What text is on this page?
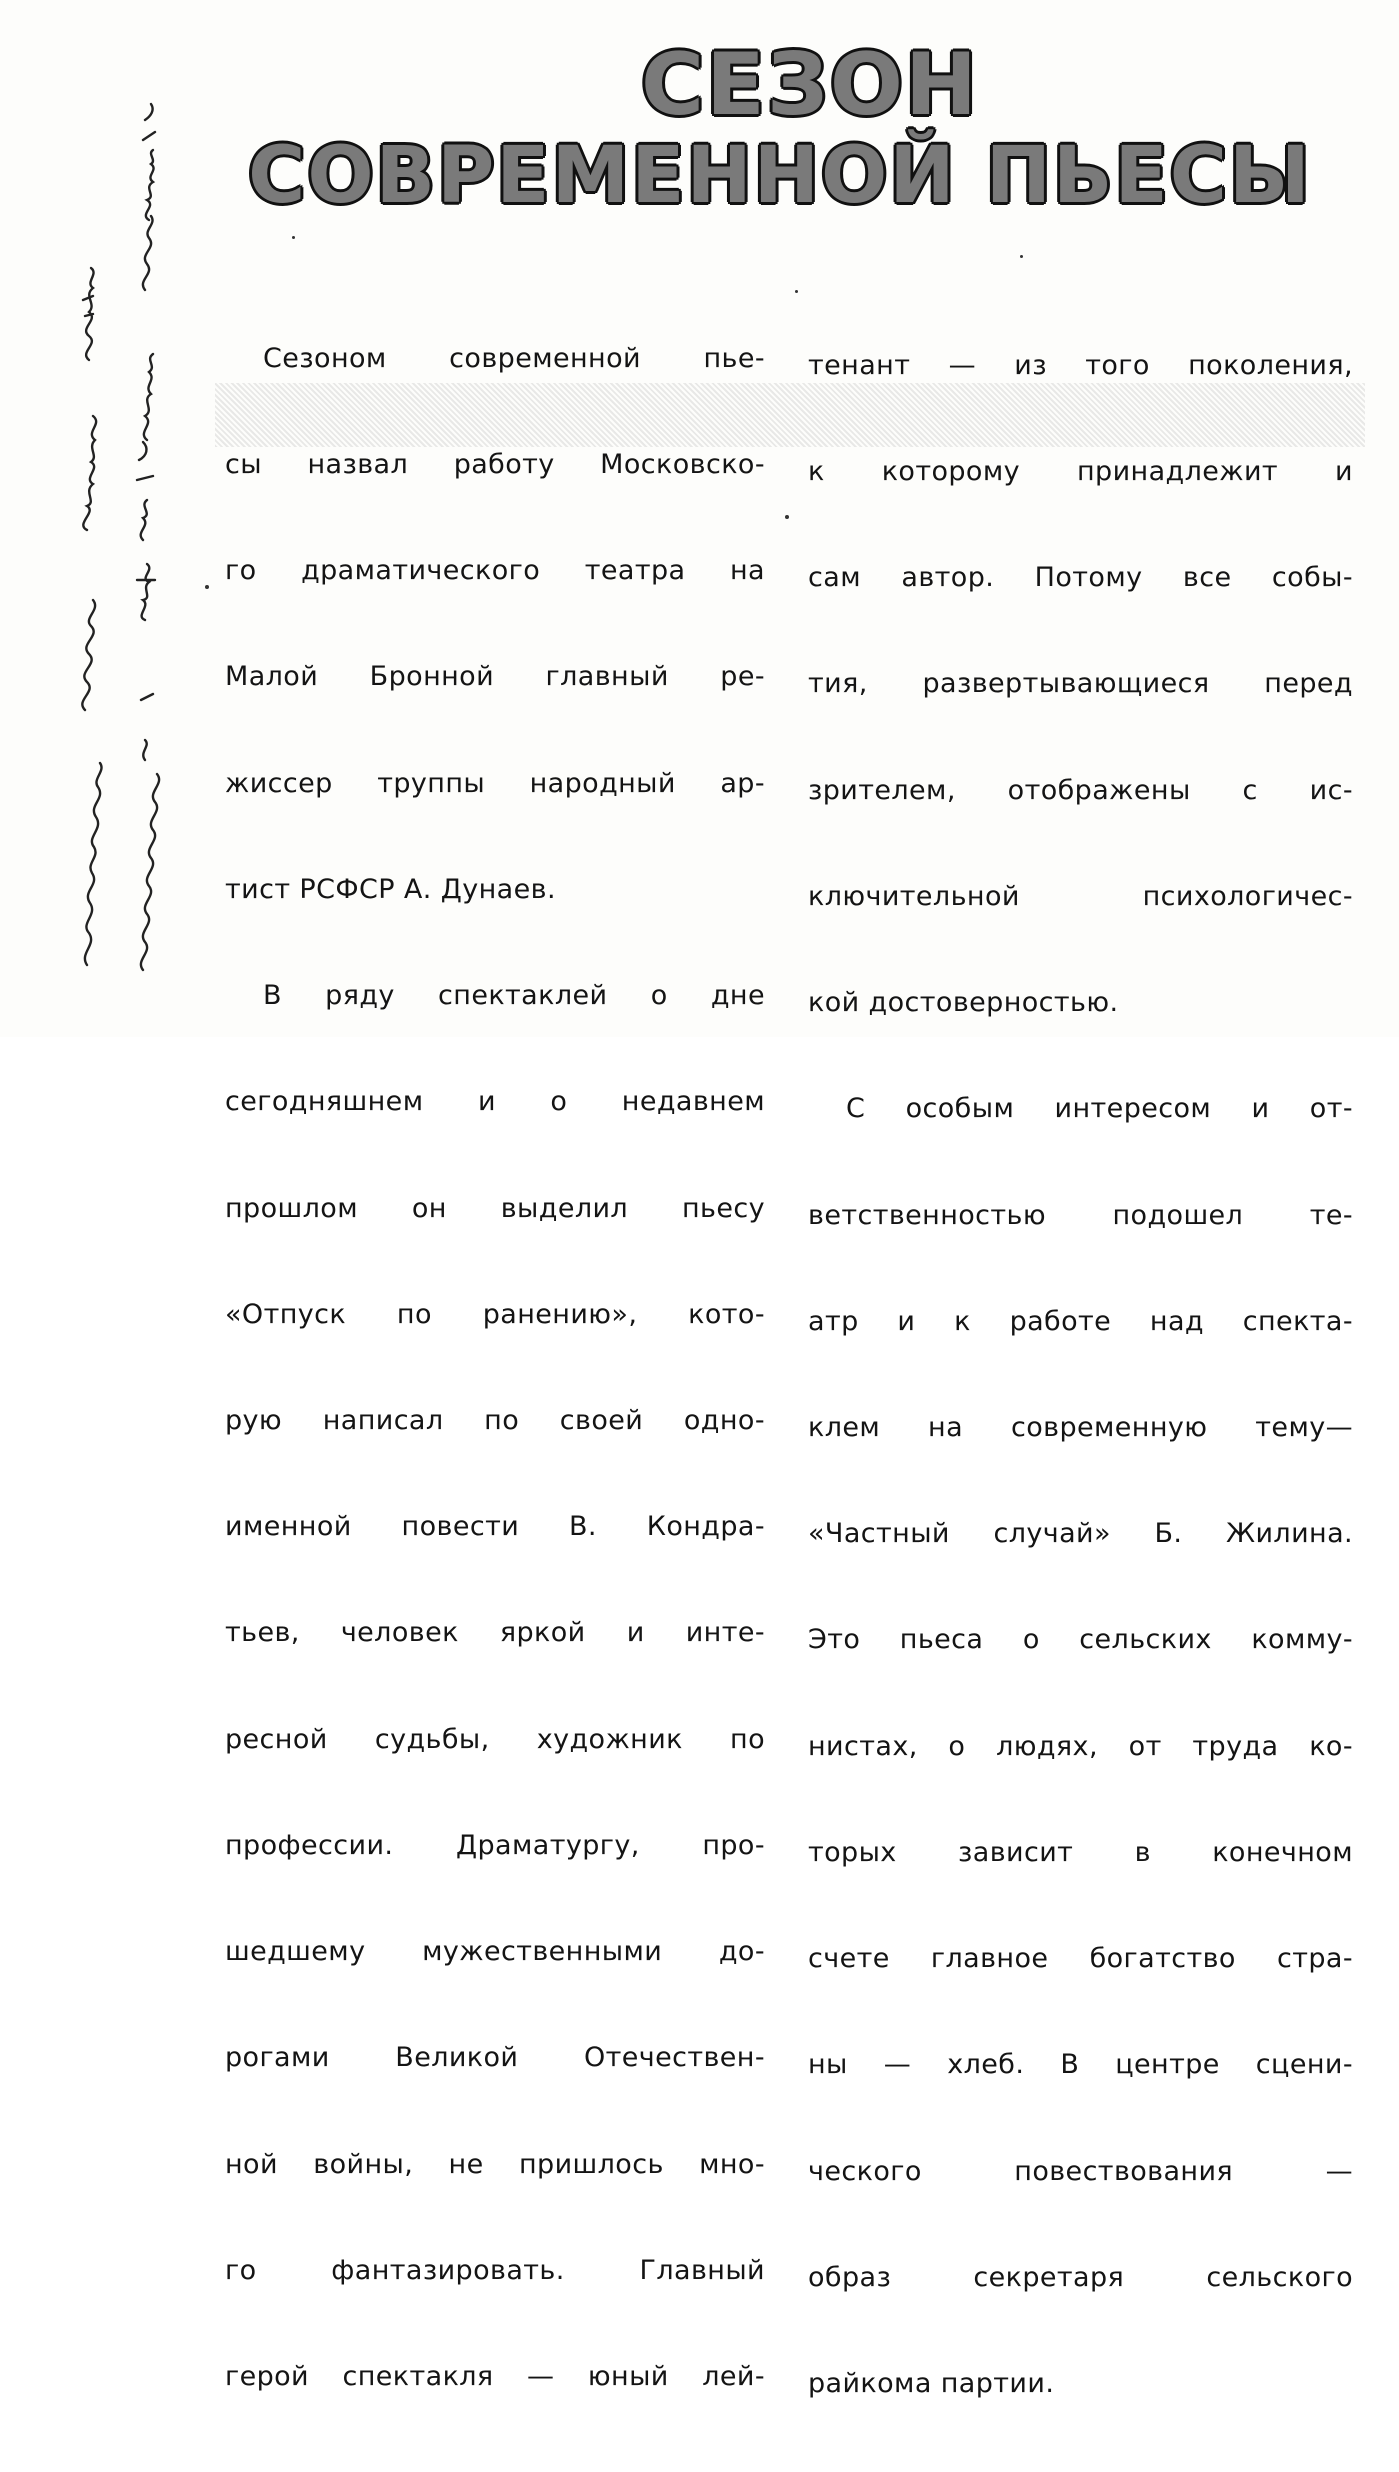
СЕЗОН
СОВРЕМЕННОЙ ПЬЕСЫ

Сезоном современной пье-

сы назвал работу Московско-

го драматического театра на

Малой Бронной главный ре-

жиссер труппы народный ар-

тист РСФСР А. Дунаев.

В ряду спектаклей о дне

сегодняшнем и о недавнем

прошлом он выделил пьесу

«Отпуск по ранению», кото-

рую написал по своей одно-

именной повести В. Кондра-

тьев, человек яркой и инте-

ресной судьбы, художник по

профессии. Драматургу, про-

шедшему мужественными до-

рогами Великой Отечествен-

ной войны, не пришлось мно-

го фантазировать. Главный

герой спектакля — юный лей-

тенант — из того поколения,

к которому принадлежит и

сам автор. Потому все собы-

тия, развертывающиеся перед

зрителем, отображены с ис-

ключительной психологичес-

кой достоверностью.

С особым интересом и от-

ветственностью подошел те-

атр и к работе над спекта-

клем на современную тему—

«Частный случай» Б. Жилина.

Это пьеса о сельских комму-

нистах, о людях, от труда ко-

торых зависит в конечном

счете главное богатство стра-

ны — хлеб. В центре сцени-

ческого повествования —

образ секретаря сельского

райкома партии.
